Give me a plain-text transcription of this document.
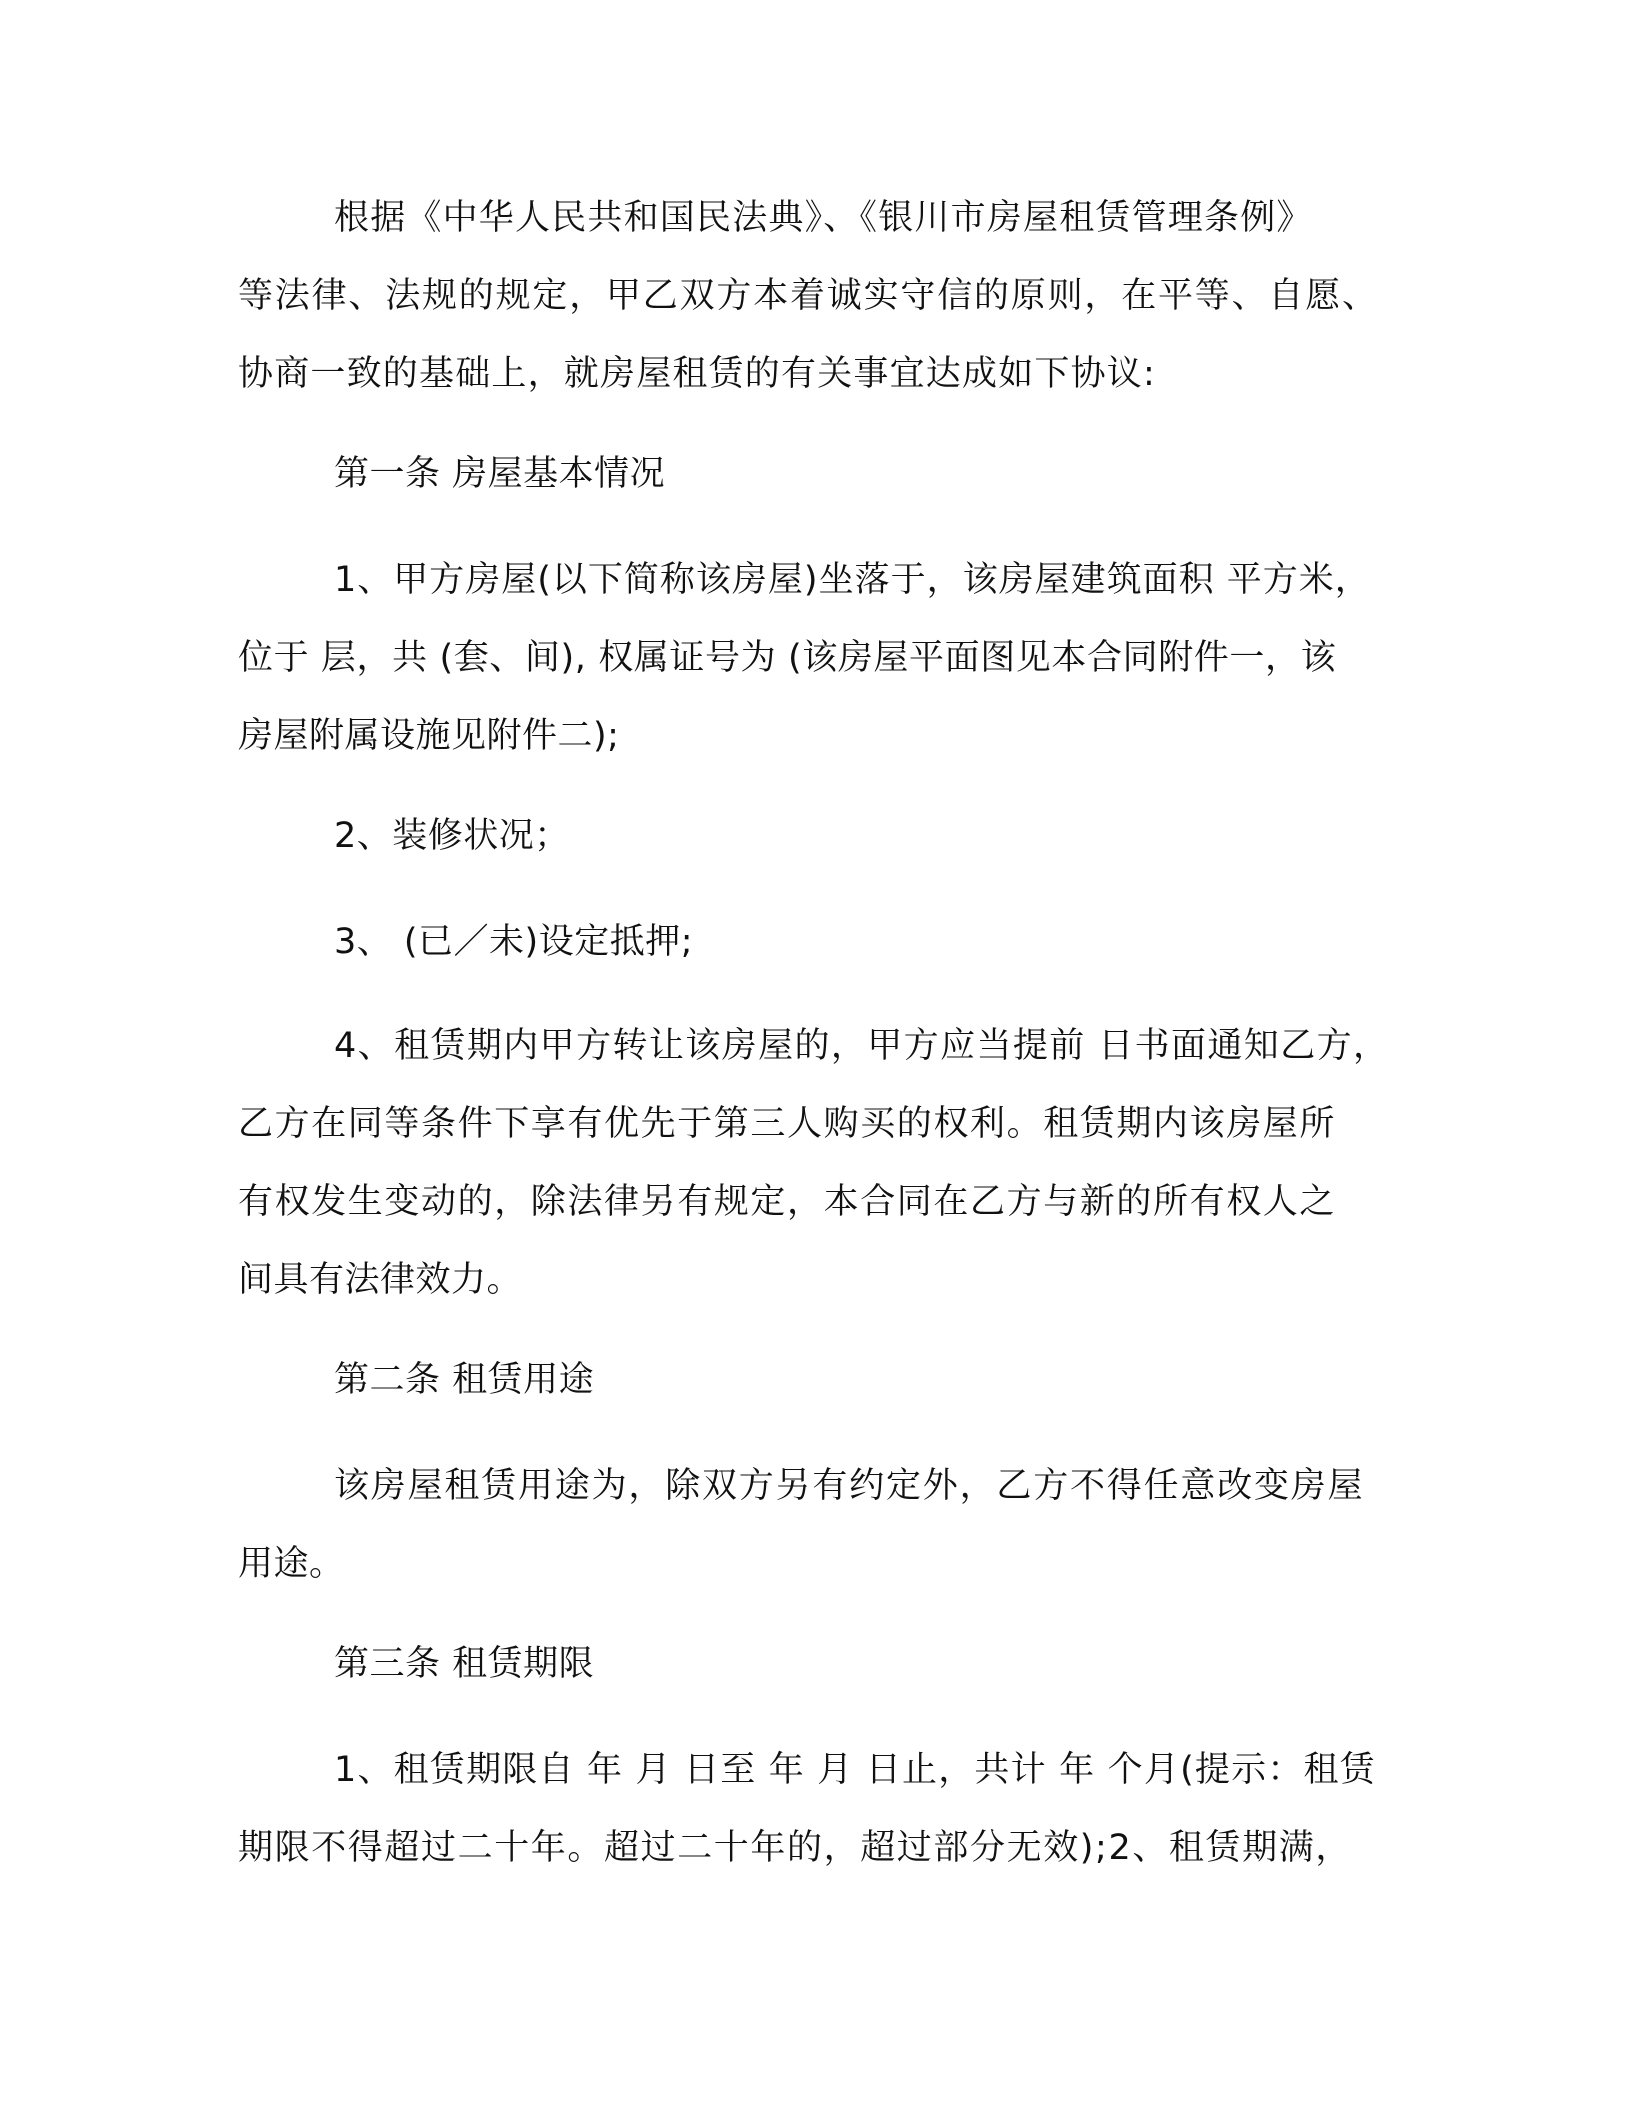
根据《中华人民共和国民法典》、《银川市房屋租赁管理条例》
等法律、法规的规定，甲乙双方本着诚实守信的原则，在平等、自愿、
协商一致的基础上，就房屋租赁的有关事宜达成如下协议:
第一条 房屋基本情况
1、甲方房屋(以下简称该房屋)坐落于，该房屋建筑面积 平方米，
位于 层，共 (套、间), 权属证号为 (该房屋平面图见本合同附件一，该
房屋附属设施见附件二);
2、装修状况；
3、 (已／未)设定抵押;
4、租赁期内甲方转让该房屋的，甲方应当提前 日书面通知乙方，
乙方在同等条件下享有优先于第三人购买的权利。租赁期内该房屋所
有权发生变动的，除法律另有规定，本合同在乙方与新的所有权人之
间具有法律效力。
第二条 租赁用途
该房屋租赁用途为，除双方另有约定外，乙方不得任意改变房屋
用途。
第三条 租赁期限
1、租赁期限自 年 月 日至 年 月 日止，共计 年 个月(提示：租赁
期限不得超过二十年。超过二十年的，超过部分无效);2、租赁期满，
